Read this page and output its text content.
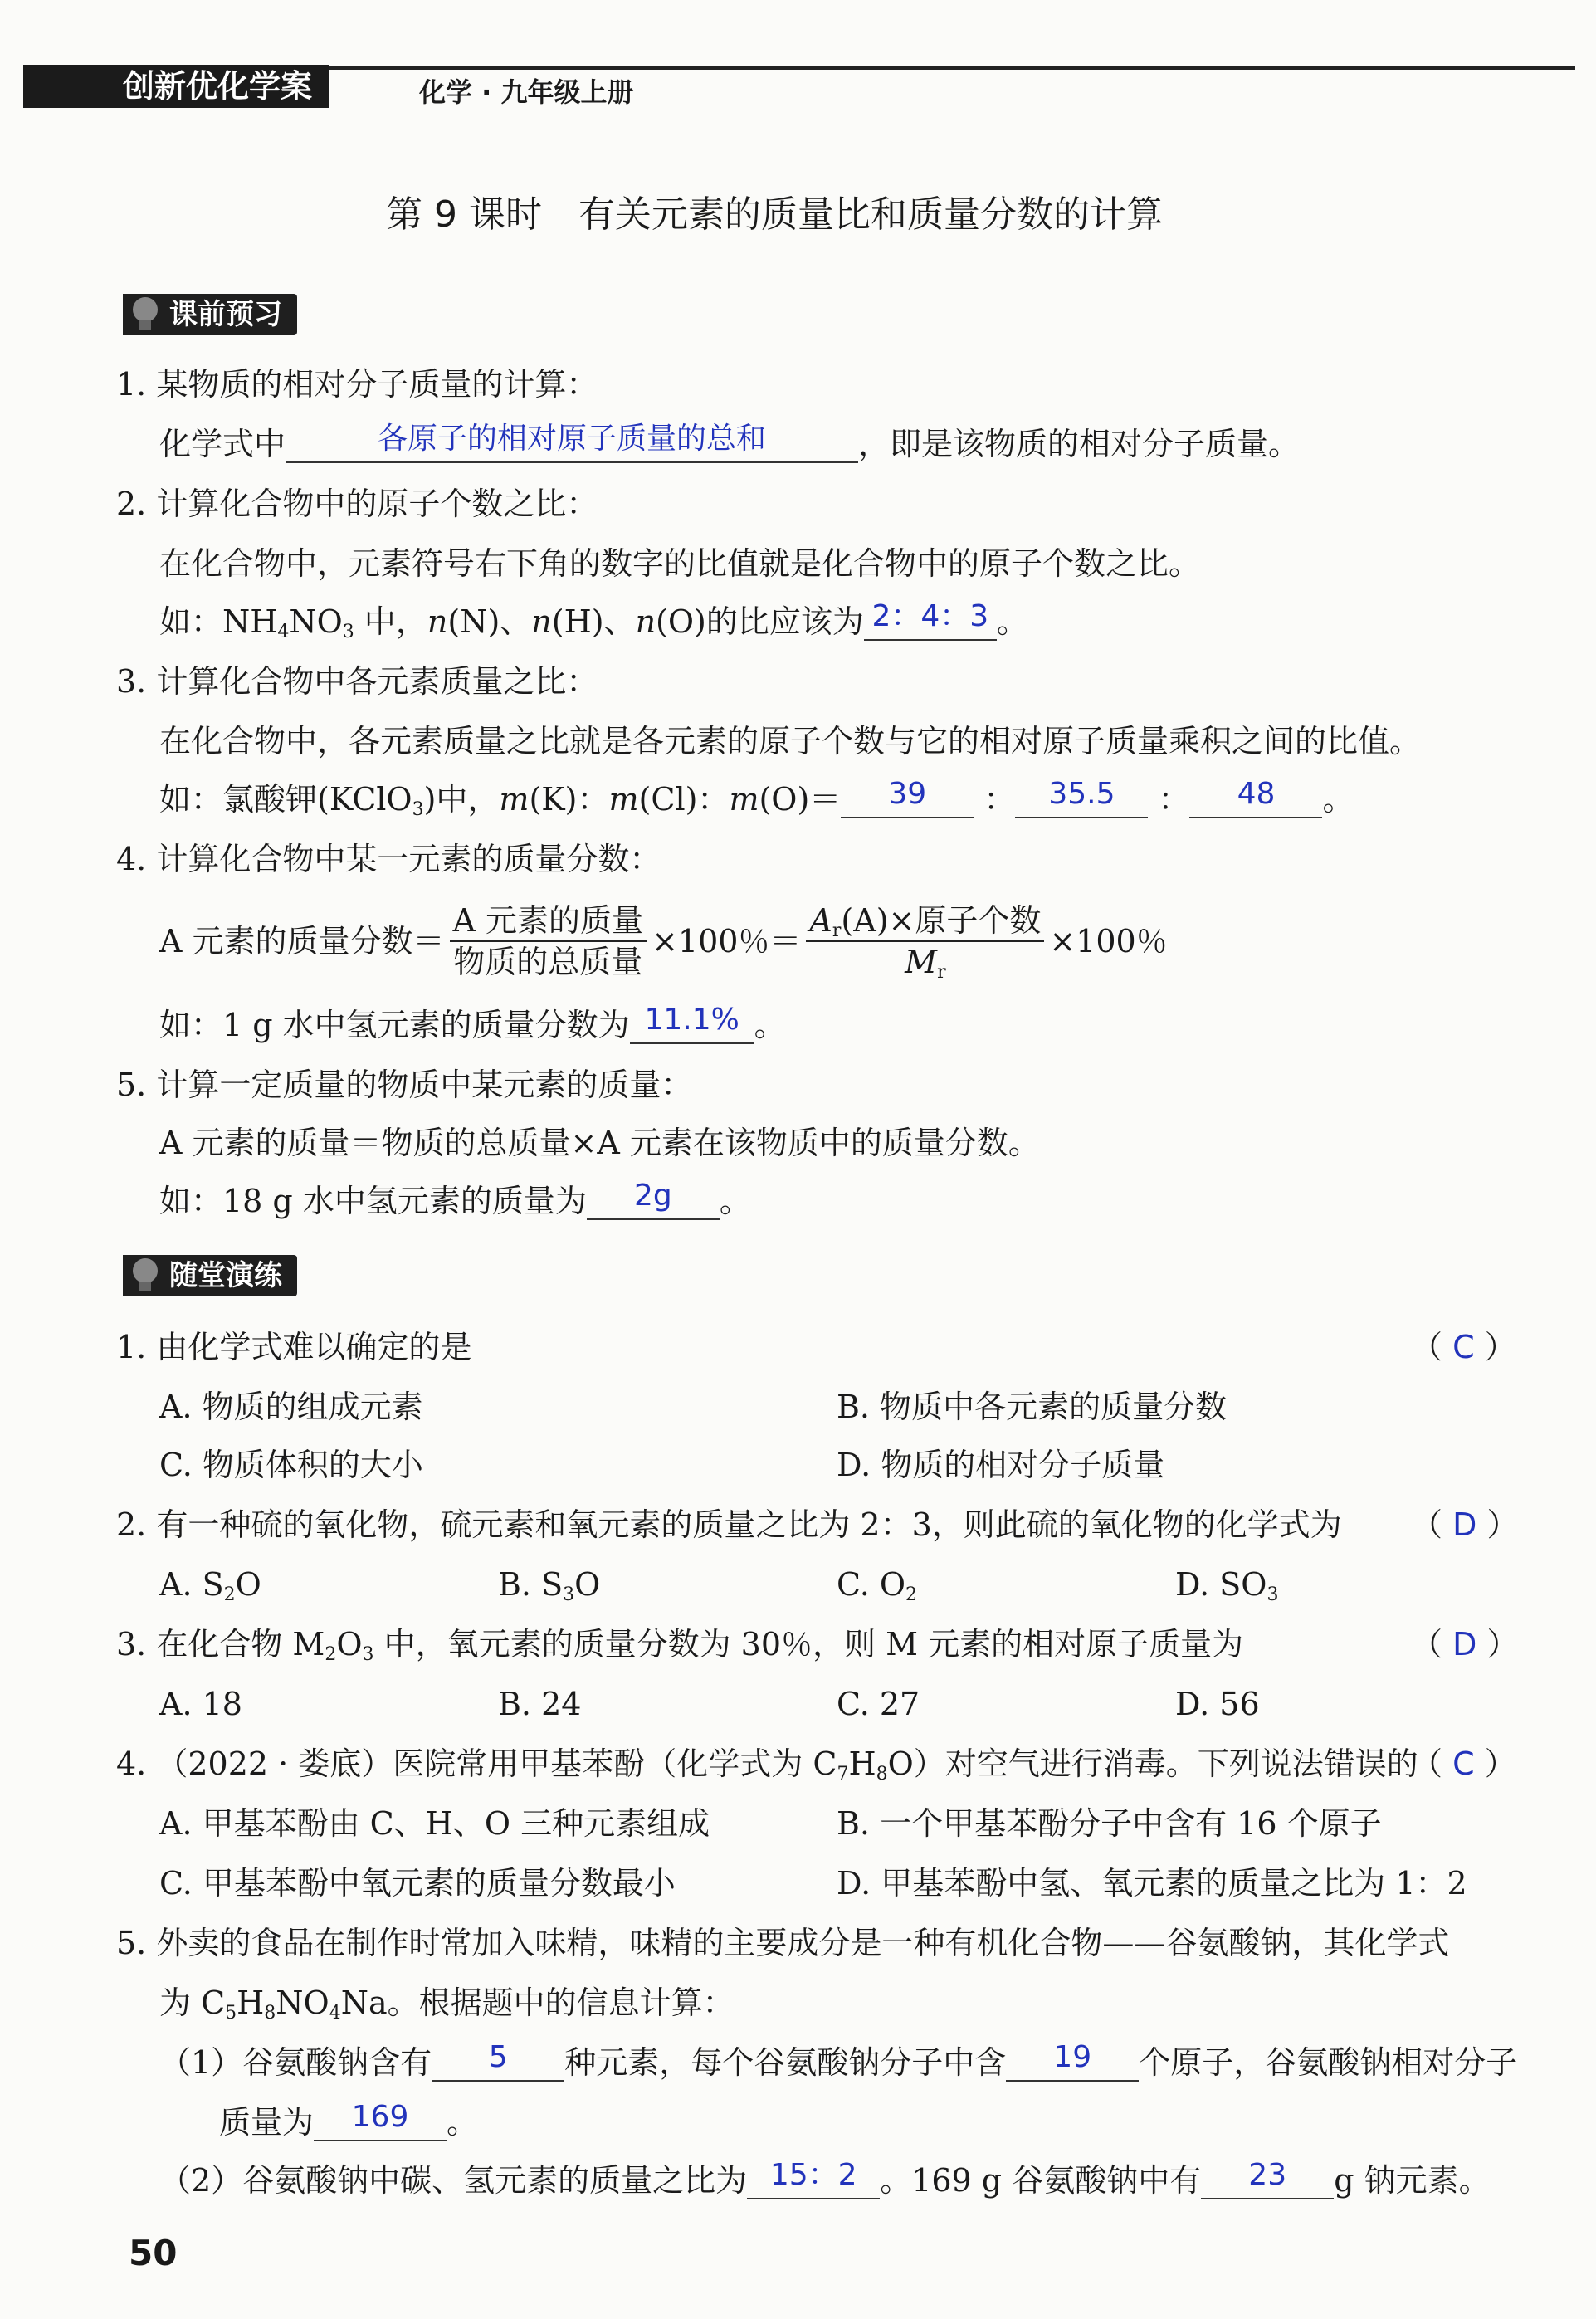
创新优化学案	化学 · 九年级上册
第 9 课时　有关元素的质量比和质量分数的计算
课前预习
1. 某物质的相对分子质量的计算：
化学式中	各原子的相对原子质量的总和	，即是该物质的相对分子质量。
2. 计算化合物中的原子个数之比：
在化合物中，元素符号右下角的数字的比值就是化合物中的原子个数之比。
如：$NH_4NO_3$ 中，n(N)、n(H)、n(O)的比应该为 2：4：3 。
3. 计算化合物中各元素质量之比：
在化合物中，各元素质量之比就是各元素的原子个数与它的相对原子质量乘积之间的比值。
如：氯酸钾(KClO$_3$)中，m(K)：m(Cl)：m(O)＝	39	：	35.5	：	48	。
4. 计算化合物中某一元素的质量分数：
A 元素的质量分数＝ $\frac{\text{A 元素的质量}}{\text{物质的总质量}} \times 100$％＝ $\frac{A_r(A)\times 原子个数}{M_r} \times 100$％
如：1 g 水中氢元素的质量分数为 11.1% 。
5. 计算一定质量的物质中某元素的质量：
A 元素的质量＝物质的总质量×A 元素在该物质中的质量分数。
如：18 g 水中氢元素的质量为	2g	。
随堂演练
1. 由化学式难以确定的是	（ C ）
A. 物质的组成元素	B. 物质中各元素的质量分数
C. 物质体积的大小	D. 物质的相对分子质量
2. 有一种硫的氧化物，硫元素和氧元素的质量之比为 2：3，则此硫的氧化物的化学式为 （ D ）
A. $S_2O$	B. $S_3O$	C. $O_2$	D. $SO_3$
3. 在化合物 $M_2O_3$ 中，氧元素的质量分数为 30％，则 M 元素的相对原子质量为	（ D ）
A. 18	B. 24	C. 27	D. 56
4. （2022 · 娄底）医院常用甲基苯酚（化学式为 $C_7H_8O$）对空气进行消毒。下列说法错误的
（ C ）
A. 甲基苯酚由 C、H、O 三种元素组成	B. 一个甲基苯酚分子中含有 16 个原子
C. 甲基苯酚中氧元素的质量分数最小	D. 甲基苯酚中氢、氧元素的质量之比为 1：2
5. 外卖的食品在制作时常加入味精，味精的主要成分是一种有机化合物——谷氨酸钠，其化学式
为 $C_5H_8NO_4Na$。根据题中的信息计算：
（1）谷氨酸钠含有	5	种元素，每个谷氨酸钠分子中含	19	个原子，谷氨酸钠相对分子
质量为	169	。
（2）谷氨酸钠中碳、氢元素的质量之比为 15：2 。169 g 谷氨酸钠中有	23	g 钠元素。
50
